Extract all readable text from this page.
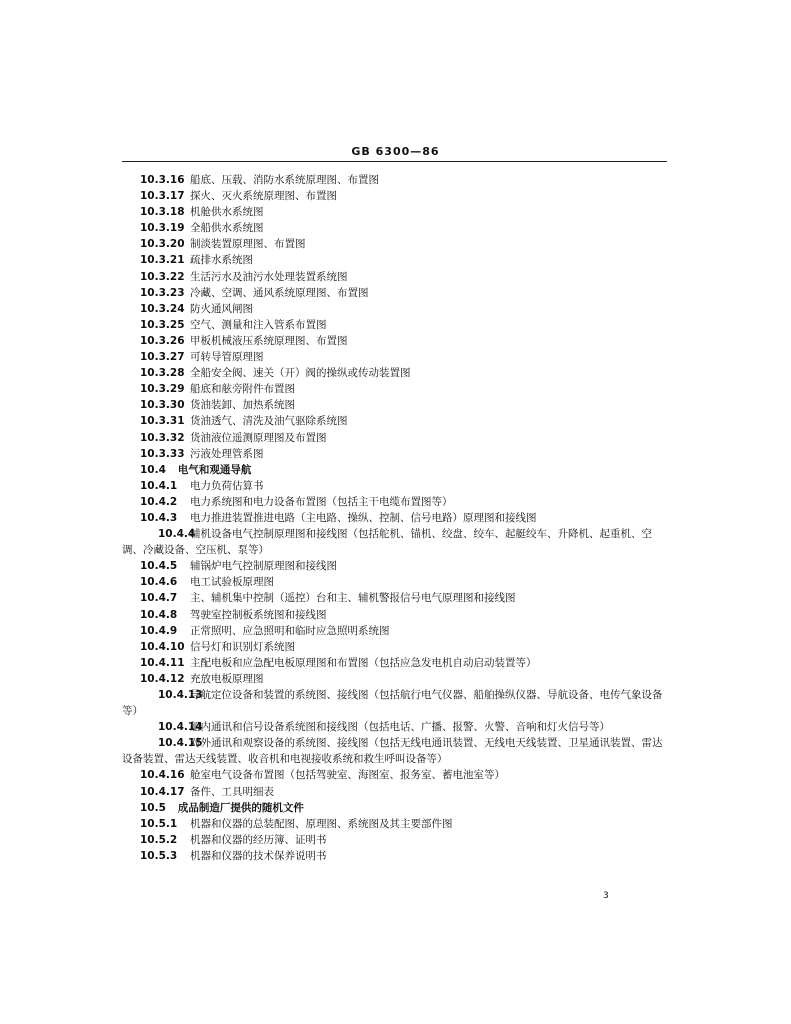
GB 6300—86
10.3.16 船底、压载、消防水系统原理图、布置图
10.3.17 探火、灭火系统原理图、布置图
10.3.18 机舱供水系统图
10.3.19 全船供水系统图
10.3.20 制淡装置原理图、布置图
10.3.21 疏排水系统图
10.3.22 生活污水及油污水处理装置系统图
10.3.23 冷藏、空调、通风系统原理图、布置图
10.3.24 防火通风闸图
10.3.25 空气、测量和注入管系布置图
10.3.26 甲板机械液压系统原理图、布置图
10.3.27 可转导管原理图
10.3.28 全船安全阀、速关（开）阀的操纵或传动装置图
10.3.29 船底和舷旁附件布置图
10.3.30 货油装卸、加热系统图
10.3.31 货油透气、清洗及油气驱除系统图
10.3.32 货油液位遥测原理图及布置图
10.3.33 污液处理管系图
10.4 电气和观通导航
10.4.1 电力负荷估算书
10.4.2 电力系统图和电力设备布置图（包括主干电缆布置图等）
10.4.3 电力推进装置推进电路（主电路、操纵、控制、信号电路）原理图和接线图
10.4.4辅机设备电气控制原理图和接线图（包括舵机、锚机、绞盘、绞车、起艇绞车、升降机、起重机、空调、冷藏设备、空压机、泵等）
10.4.5 辅锅炉电气控制原理图和接线图
10.4.6 电工试验板原理图
10.4.7 主、辅机集中控制（遥控）台和主、辅机警报信号电气原理图和接线图
10.4.8 驾驶室控制板系统图和接线图
10.4.9 正常照明、应急照明和临时应急照明系统图
10.4.10 信号灯和识别灯系统图
10.4.11 主配电板和应急配电板原理图和布置图（包括应急发电机自动启动装置等）
10.4.12 充放电板原理图
10.4.13导航定位设备和装置的系统图、接线图（包括航行电气仪器、船舶操纵仪器、导航设备、电传气象设备等）
10.4.14船内通讯和信号设备系统图和接线图（包括电话、广播、报警、火警、音响和灯火信号等）
10.4.15对外通讯和观察设备的系统图、接线图（包括无线电通讯装置、无线电天线装置、卫星通讯装置、雷达设备装置、雷达天线装置、收音机和电视接收系统和救生呼叫设备等）
10.4.16 舱室电气设备布置图（包括驾驶室、海图室、报务室、蓄电池室等）
10.4.17 备件、工具明细表
10.5 成品制造厂提供的随机文件
10.5.1 机器和仪器的总装配图、原理图、系统图及其主要部件图
10.5.2 机器和仪器的经历簿、证明书
10.5.3 机器和仪器的技术保养说明书
3
